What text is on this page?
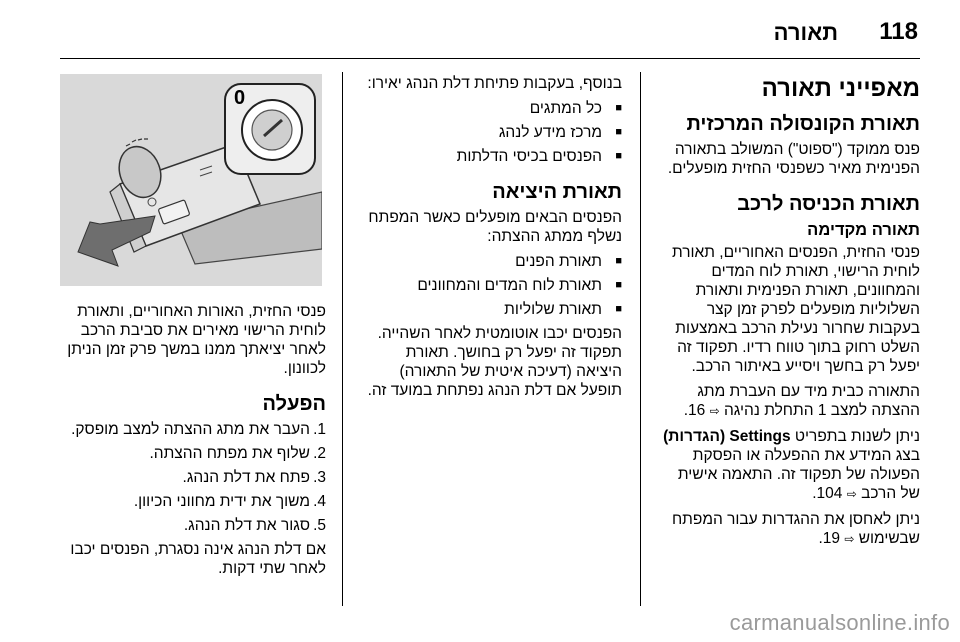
118
תאורה
מאפייני תאורה
תאורת הקונסולה המרכזית

פנס ממוקד ("ספוט") המשולב בתאורה הפנימית מאיר כשפנסי החזית מופעלים.

תאורת הכניסה לרכב
תאורה מקדימה

פנסי החזית, הפנסים האחוריים, תאורת לוחית הרישוי, תאורת לוח המדים והמחוונים, תאורת הפנימית ותאורת השלוליות מופעלים לפרק זמן קצר בעקבות שחרור נעילת הרכב באמצעות השלט רחוק בתוך טווח רדיו. תפקוד זה יפעל רק בחשך ויסייע באיתור הרכב.

התאורה כבית מיד עם העברת מתג ההצתה למצב 1 התחלת נהיגה ⇨ 16.

ניתן לשנות בתפריט Settings (הגדרות) בצג המידע את ההפעלה או הפסקת הפעולה של תפקוד זה. התאמה אישית של הרכב ⇨ 104.

ניתן לאחסן את ההגדרות עבור המפתח שבשימוש ⇨ 19.

בנוסף, בעקבות פתיחת דלת הנהג יאירו:

■ כל המתגים
■ מרכז מידע לנהג
■ הפנסים בכיסי הדלתות
תאורת היציאה

הפנסים הבאים מופעלים כאשר המפתח נשלף ממתג ההצתה:

■ תאורת הפנים
■ תאורת לוח המדים והמחוונים
■ תאורת שלוליות

הפנסים יכבו אוטומטית לאחר השהייה. תפקוד זה יפעל רק בחושך. תאורת היציאה (דעיכה איטית של התאורה) תופעל אם דלת הנהג נפתחת במועד זה.

0

פנסי החזית, האורות האחוריים, ותאורת לוחית הרישוי מאירים את סביבת הרכב לאחר יציאתך ממנו במשך פרק זמן הניתן לכוונון.

הפעלה
1.
העבר את מתג ההצתה למצב מופסק.
2.
שלוף את מפתח ההצתה.
3.
פתח את דלת הנהג.
4.
משוך את ידית מחווני הכיוון.
5.
סגור את דלת הנהג.

אם דלת הנהג אינה נסגרת, הפנסים יכבו לאחר שתי דקות.

carmanualsonline.info
